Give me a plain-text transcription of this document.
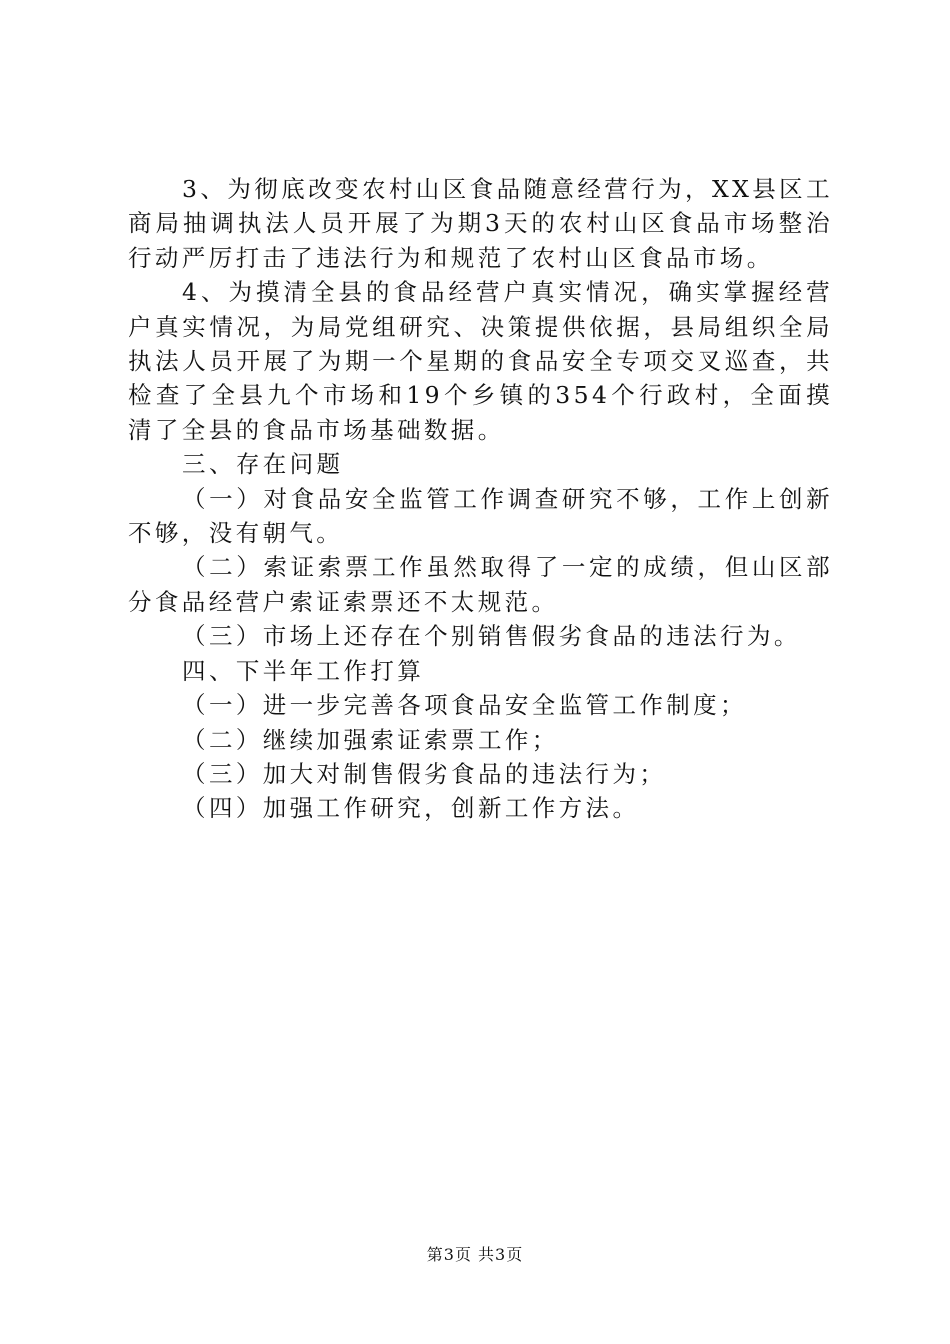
3、为彻底改变农村山区食品随意经营行为，XX县区工商局抽调执法人员开展了为期3天的农村山区食品市场整治行动严厉打击了违法行为和规范了农村山区食品市场。

4、为摸清全县的食品经营户真实情况，确实掌握经营户真实情况，为局党组研究、决策提供依据，县局组织全局执法人员开展了为期一个星期的食品安全专项交叉巡查，共检查了全县九个市场和19个乡镇的354个行政村，全面摸清了全县的食品市场基础数据。

三、存在问题

（一）对食品安全监管工作调查研究不够，工作上创新不够，没有朝气。

（二）索证索票工作虽然取得了一定的成绩，但山区部分食品经营户索证索票还不太规范。

（三）市场上还存在个别销售假劣食品的违法行为。

四、下半年工作打算

（一）进一步完善各项食品安全监管工作制度；

（二）继续加强索证索票工作；

（三）加大对制售假劣食品的违法行为；

（四）加强工作研究，创新工作方法。

第3页 共3页
